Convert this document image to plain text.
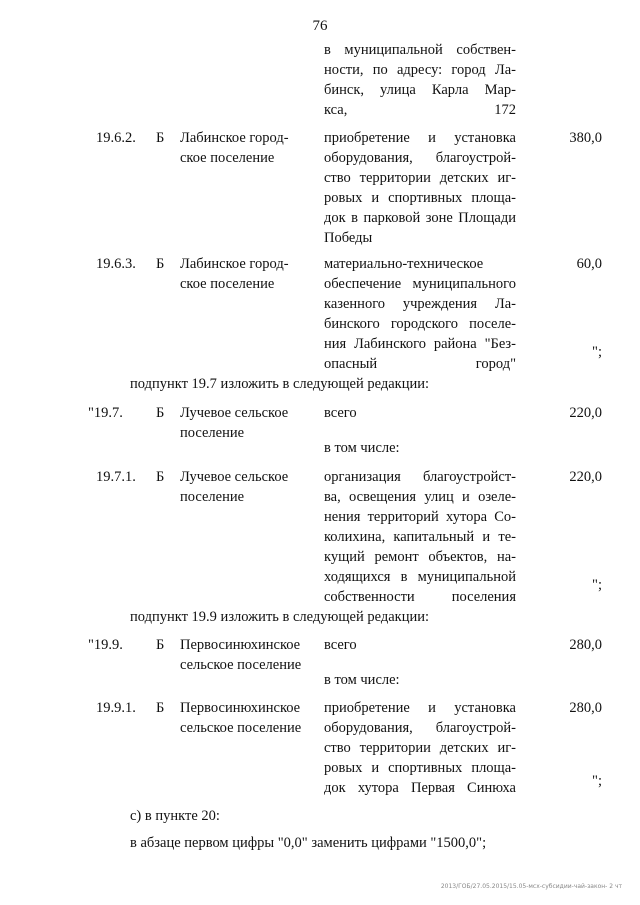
76
в муниципальной собствен-
ности, по адресу: город Ла-
бинск, улица Карла Мар-
кса, 172
19.6.2. Б Лабинское город-
ское поселение
приобретение и установка
оборудования, благоустрой-
ство территории детских иг-
ровых и спортивных площа-
док в парковой зоне Площади
Победы
380,0
19.6.3. Б Лабинское город-
ское поселение
материально-техническое
обеспечение муниципального
казенного учреждения Ла-
бинского городского поселе-
ния Лабинского района "Без-
опасный город"
60,0
";
подпункт 19.7 изложить в следующей редакции:
"19.7. Б Лучевое сельское
поселение
всего
в том числе:
220,0
19.7.1. Б Лучевое сельское
поселение
организация благоустройст-
ва, освещения улиц и озеле-
нения территорий хутора Со-
колихина, капитальный и те-
кущий ремонт объектов, на-
ходящихся в муниципальной
собственности поселения
220,0
";
подпункт 19.9 изложить в следующей редакции:
"19.9. Б Первосинюхинское
сельское поселение
всего
в том числе:
280,0
19.9.1. Б Первосинюхинское
сельское поселение
приобретение и установка
оборудования, благоустрой-
ство территории детских иг-
ровых и спортивных площа-
док хутора Первая Синюха
280,0
";
с) в пункте 20:
в абзаце первом цифры "0,0" заменить цифрами "1500,0";
2013/ГОБ/27.05.2015/15.05-мсх-субсидии-чай-закон- 2 чт
